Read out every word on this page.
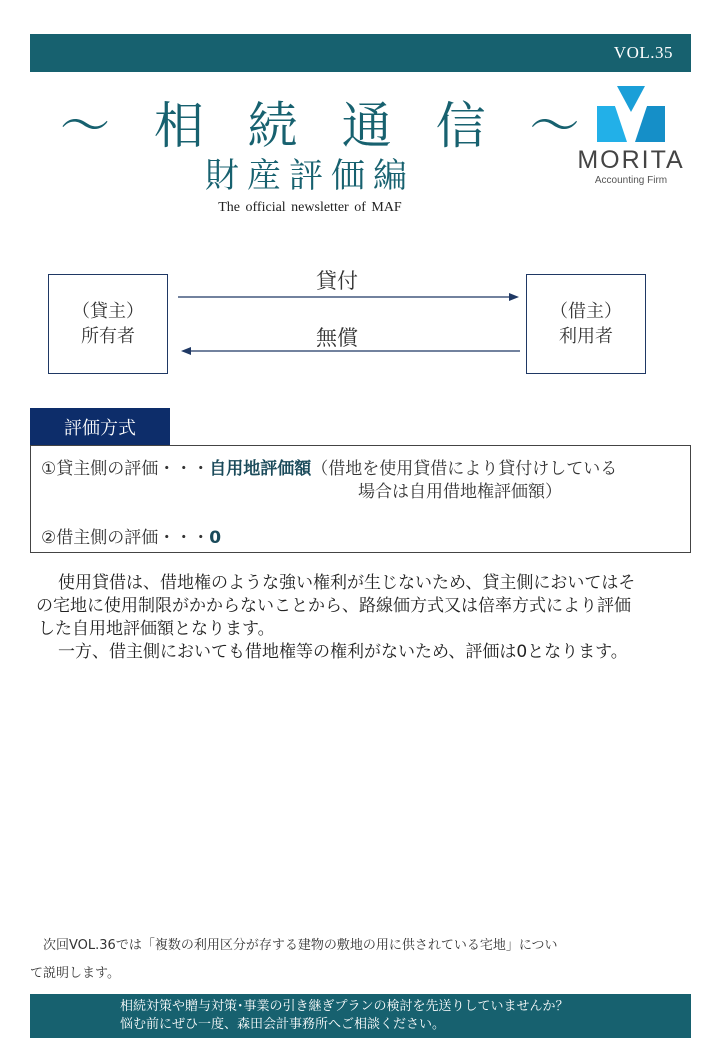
VOL.35
～ 相 続 通 信 ～
財産評価編
The official newsletter of MAF
MORITA
Accounting Firm
（貸主）
所有者
（借主）
利用者
貸付
無償
評価方式
①貸主側の評価・・・自用地評価額（借地を使用貸借により貸付けしている
場合は自用借地権評価額）
②借主側の評価・・・0
使用貸借は、借地権のような強い権利が生じないため、貸主側においてはそ
の宅地に使用制限がかからないことから、路線価方式又は倍率方式により評価
した自用地評価額となります。
一方、借主側においても借地権等の権利がないため、評価は0となります。
　次回VOL.36では「複数の利用区分が存する建物の敷地の用に供されている宅地」につい
て説明します。
相続対策や贈与対策･事業の引き継ぎプランの検討を先送りしていませんか？
悩む前にぜひ一度、森田会計事務所へご相談ください。
